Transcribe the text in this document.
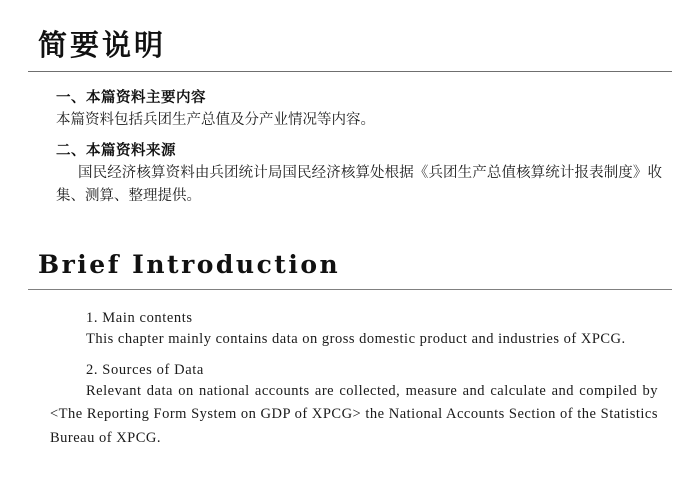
简要说明

一、本篇资料主要内容

本篇资料包括兵团生产总值及分产业情况等内容。

二、本篇资料来源

国民经济核算资料由兵团统计局国民经济核算处根据《兵团生产总值核算统计报表制度》收集、测算、整理提供。

Brief Introduction

1. Main contents

This chapter mainly contains data on gross domestic product and industries of XPCG.

2. Sources of Data

Relevant data on national accounts are collected, measure and calculate and compiled by <The Reporting Form System on GDP of XPCG> the National Accounts Section of the Statistics Bureau of XPCG.
